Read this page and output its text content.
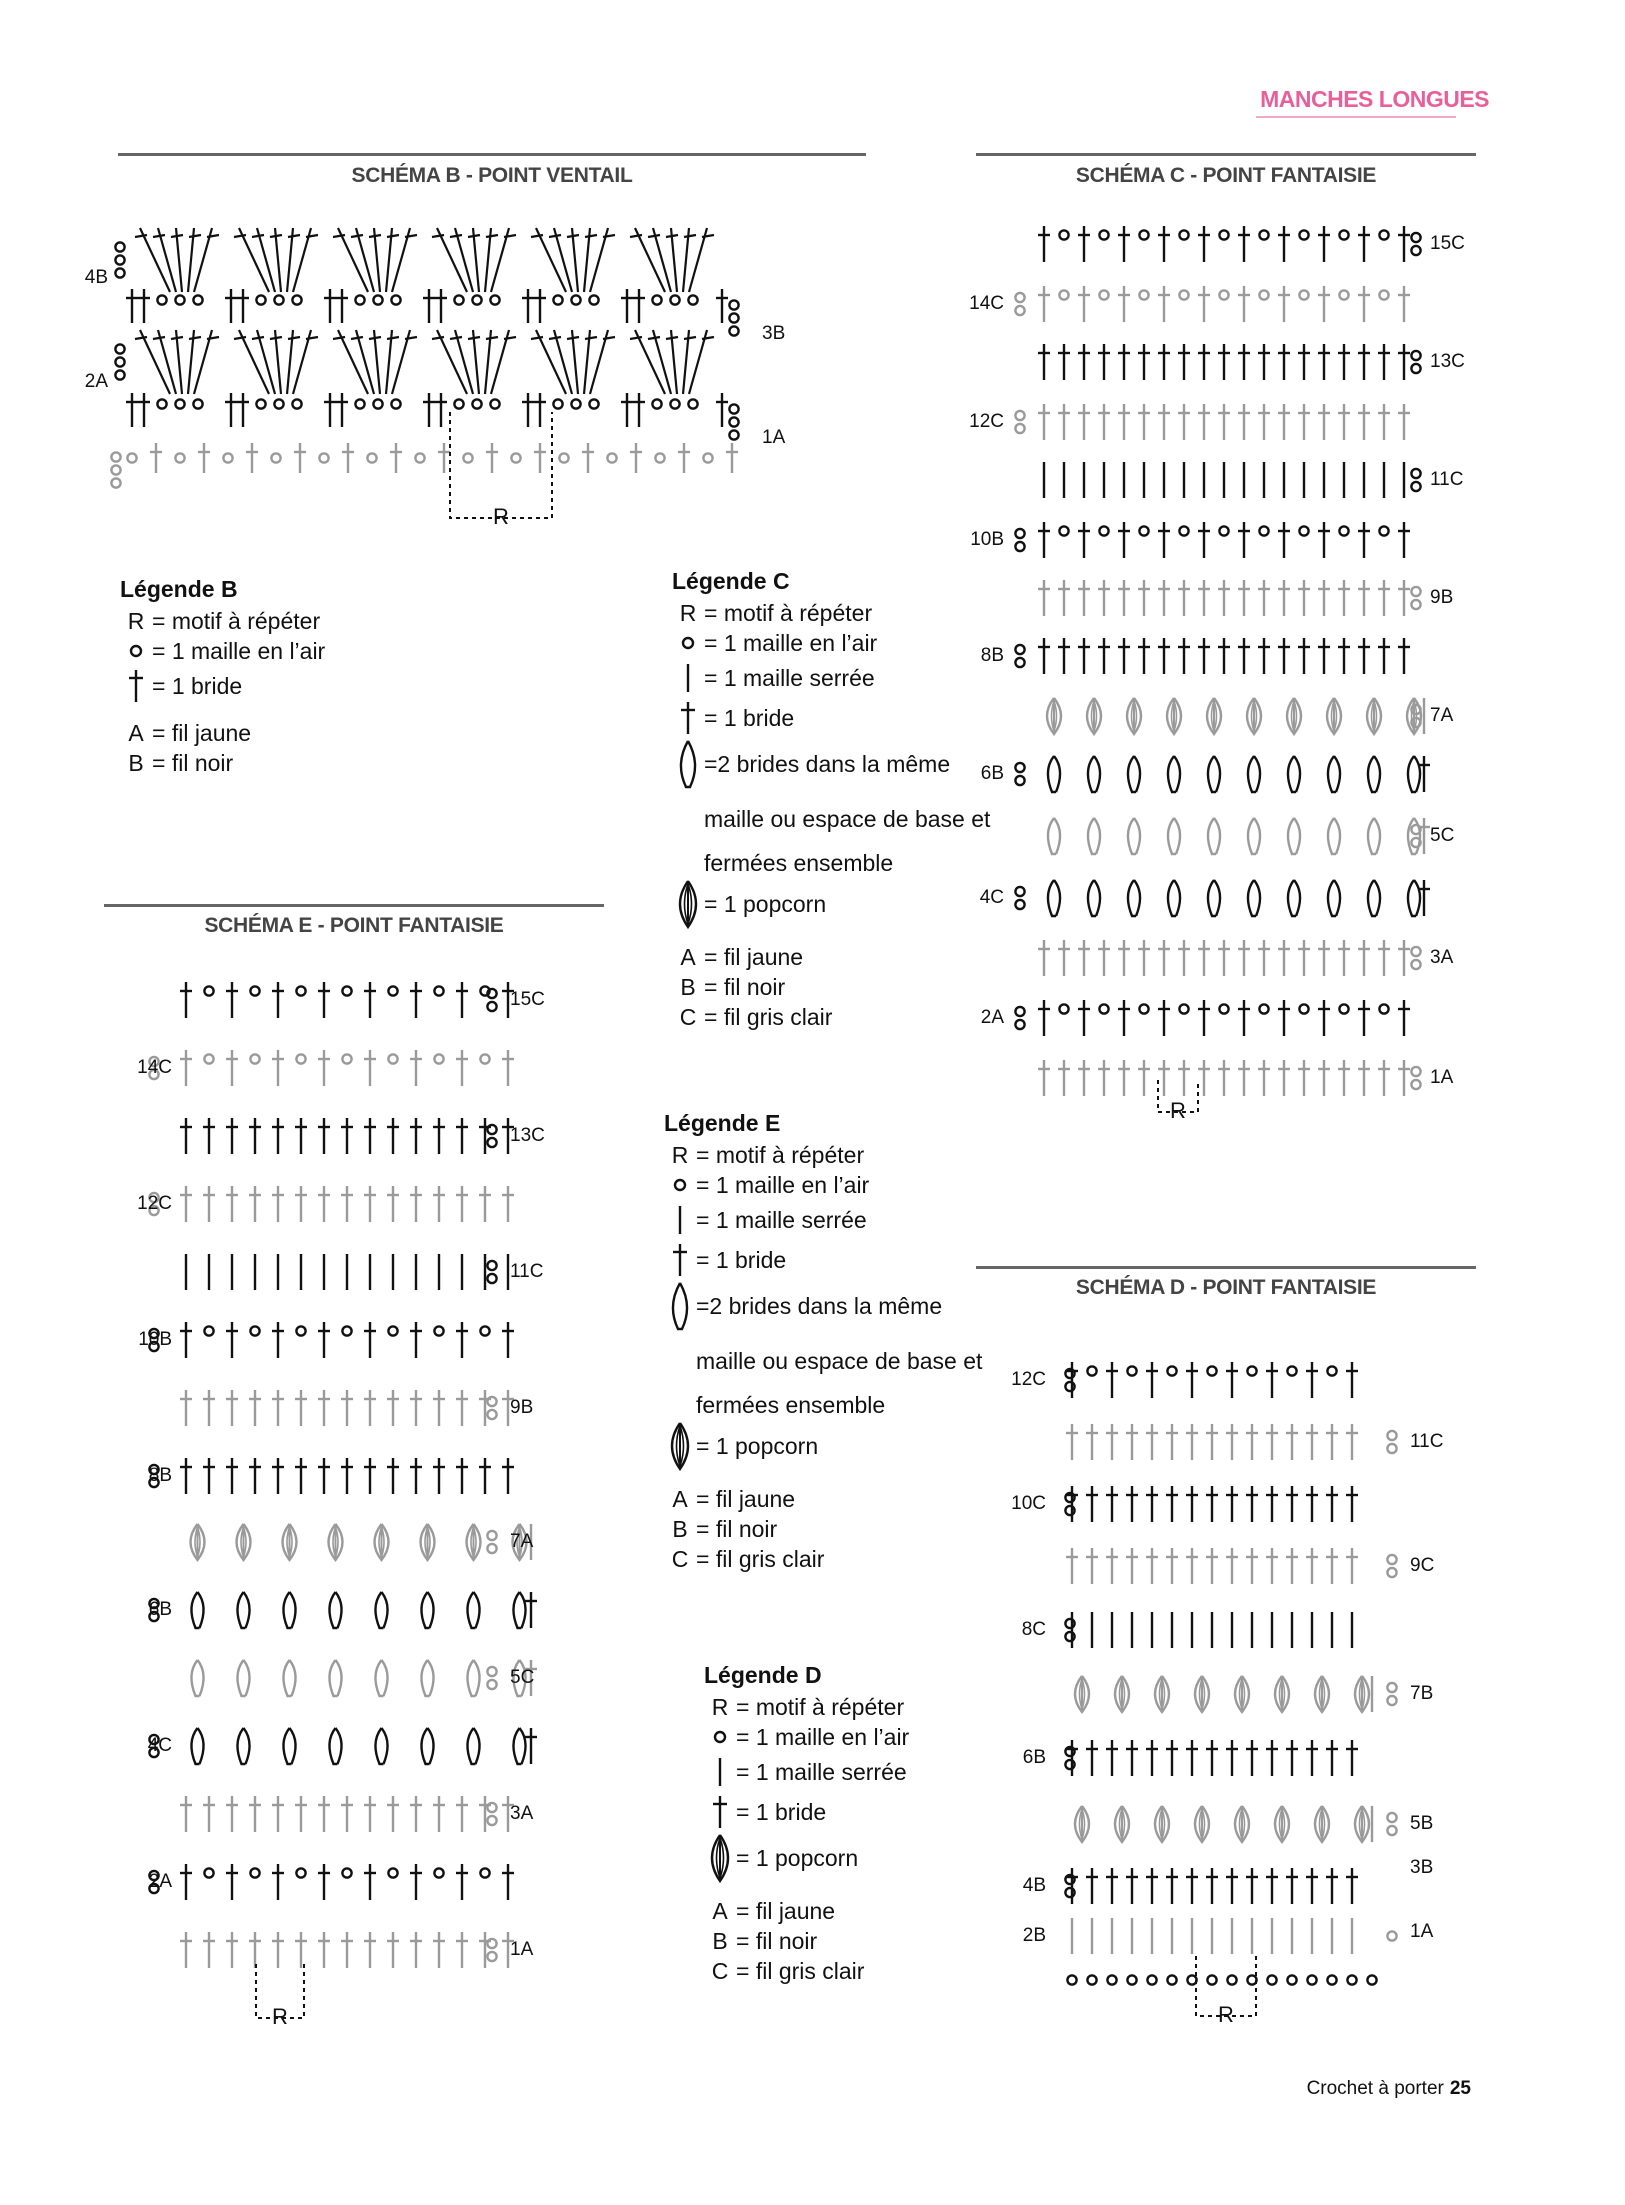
MANCHES LONGUES
SCHÉMA B - POINT VENTAIL
4B
2A
3B
1A
R
SCHÉMA C - POINT FANTAISIE
15C
14C
13C
12C
11C
10B
9B
8B
7A
6B
5C
4C
3A
2A
1A
R
SCHÉMA E - POINT FANTAISIE
15C
14C
13C
12C
11C
10B
9B
8B
7A
6B
5C
4C
3A
2A
1A
R
SCHÉMA D - POINT FANTAISIE
12C
10C
8C
6B
4B
2B
11C
9C
7B
5B
3B
1A
R
Légende B
R = motif à répéter
= 1 maille en l’air
= 1 bride
A = fil jaune
B = fil noir
Légende C
R = motif à répéter
= 1 maille en l’air
= 1 maille serrée
= 1 bride
=2 brides dans la même
maille ou espace de base et
fermées ensemble
= 1 popcorn
A = fil jaune
B = fil noir
C = fil gris clair
Légende E
R = motif à répéter
= 1 maille en l’air
= 1 maille serrée
= 1 bride
=2 brides dans la même
maille ou espace de base et
fermées ensemble
= 1 popcorn
A = fil jaune
B = fil noir
C = fil gris clair
Légende D
R = motif à répéter
= 1 maille en l’air
= 1 maille serrée
= 1 bride
= 1 popcorn
A = fil jaune
B = fil noir
C = fil gris clair
Crochet à porter 25
